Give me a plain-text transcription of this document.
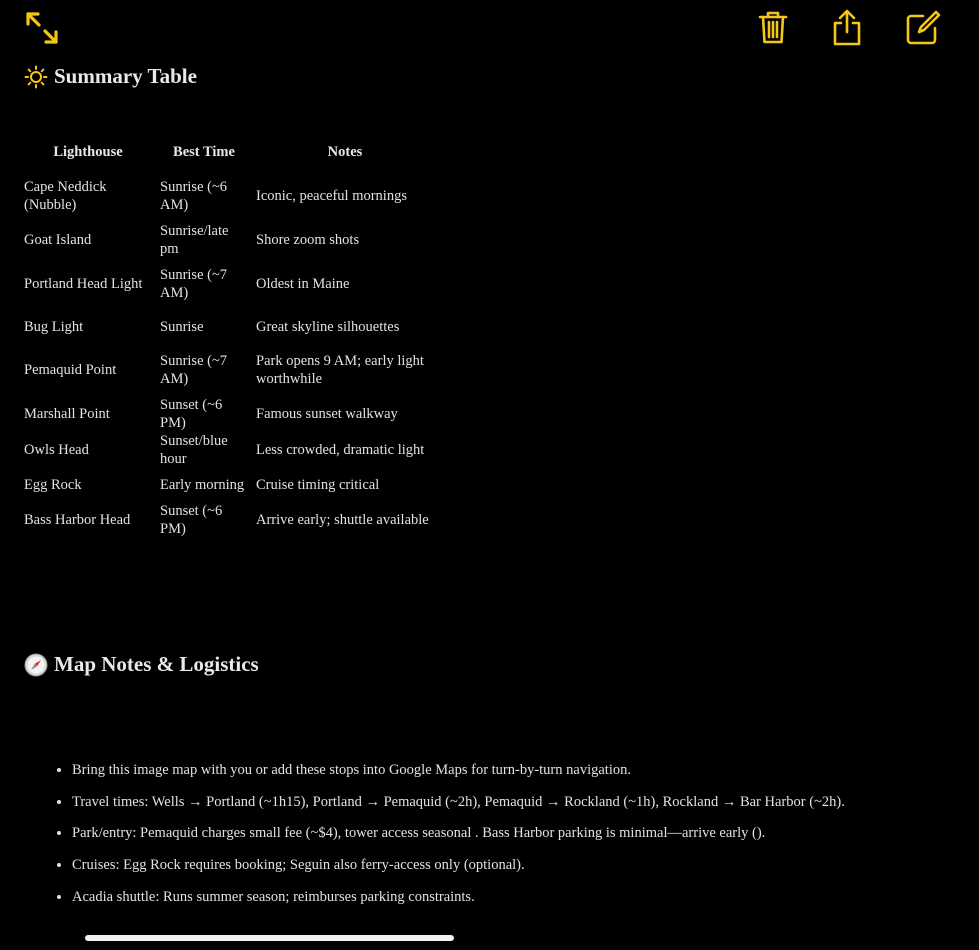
Summary Table
Lighthouse	Best Time	Notes
Cape Neddick (Nubble)	Sunrise (~6 AM)	Iconic, peaceful mornings
Goat Island	Sunrise/late pm	Shore zoom shots
Portland Head Light	Sunrise (~7 AM)	Oldest in Maine
Bug Light	Sunrise	Great skyline silhouettes
Pemaquid Point	Sunrise (~7 AM)	Park opens 9 AM; early light worthwhile
Marshall Point	Sunset (~6 PM)	Famous sunset walkway
Owls Head	Sunset/blue hour	Less crowded, dramatic light
Egg Rock	Early morning	Cruise timing critical
Bass Harbor Head	Sunset (~6 PM)	Arrive early; shuttle available
Map Notes & Logistics
• Bring this image map with you or add these stops into Google Maps for turn-by-turn navigation.
• Travel times: Wells → Portland (~1h15), Portland → Pemaquid (~2h), Pemaquid → Rockland (~1h), Rockland → Bar Harbor (~2h).
• Park/entry: Pemaquid charges small fee (~$4), tower access seasonal . Bass Harbor parking is minimal—arrive early ().
• Cruises: Egg Rock requires booking; Seguin also ferry-access only (optional).
• Acadia shuttle: Runs summer season; reimburses parking constraints.
